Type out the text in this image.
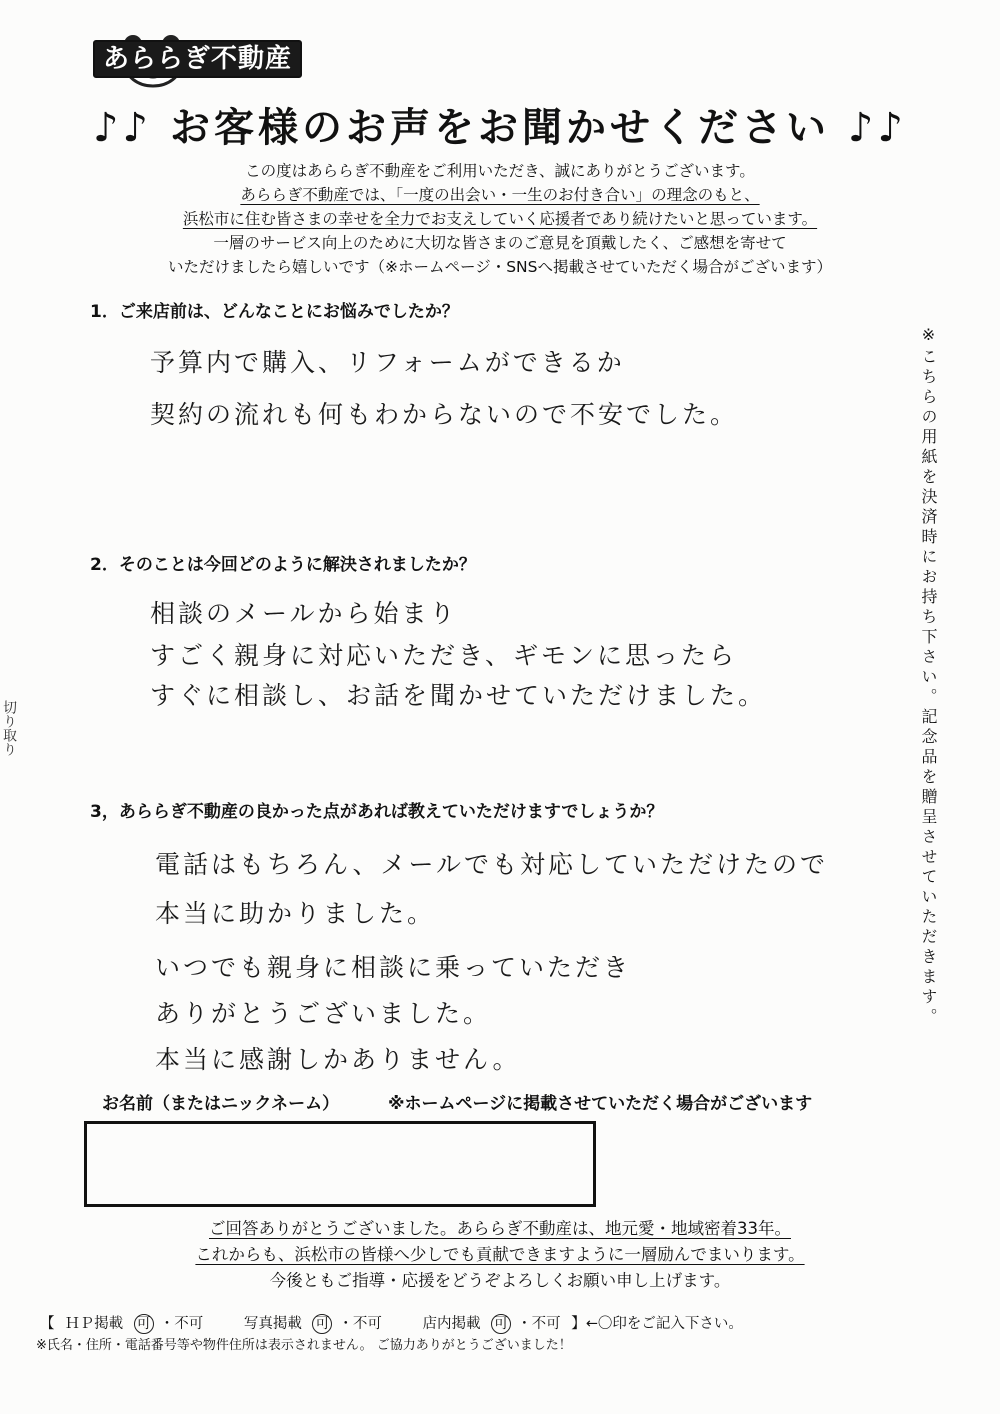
あららぎ不動産
♪♪ お客様のお声をお聞かせください ♪♪
この度はあららぎ不動産をご利用いただき、誠にありがとうございます。
あららぎ不動産では、「一度の出会い・一生のお付き合い」の理念のもと、
浜松市に住む皆さまの幸せを全力でお支えしていく応援者であり続けたいと思っています。
一層のサービス向上のために大切な皆さまのご意見を頂戴したく、ご感想を寄せて
いただけましたら嬉しいです（※ホームページ・SNSへ掲載させていただく場合がございます）
1．ご来店前は、どんなことにお悩みでしたか？
予算内で購入、リフォームができるか
契約の流れも何もわからないので不安でした。
2．そのことは今回どのように解決されましたか？
相談のメールから始まり
すごく親身に対応いただき、ギモンに思ったら
すぐに相談し、お話を聞かせていただけました。
3，あららぎ不動産の良かった点があれば教えていただけますでしょうか？
電話はもちろん、メールでも対応していただけたので
本当に助かりました。
いつでも親身に相談に乗っていただき
ありがとうございました。
本当に感謝しかありません。
※こちらの用紙を決済時にお持ち下さい。記念品を贈呈させていただきます。
切り取り
お名前（またはニックネーム）	※ホームページに掲載させていただく場合がございます
ご回答ありがとうございました。あららぎ不動産は、地元愛・地域密着33年。
これからも、浜松市の皆様へ少しでも貢献できますように一層励んでまいります。
今後ともご指導・応援をどうぞよろしくお願い申し上げます。
【 ＨＰ掲載 可 ・不可	写真掲載 可 ・不可	店内掲載 可 ・不可 】←〇印をご記入下さい。
※氏名・住所・電話番号等や物件住所は表示されません。 ご協力ありがとうございました！
